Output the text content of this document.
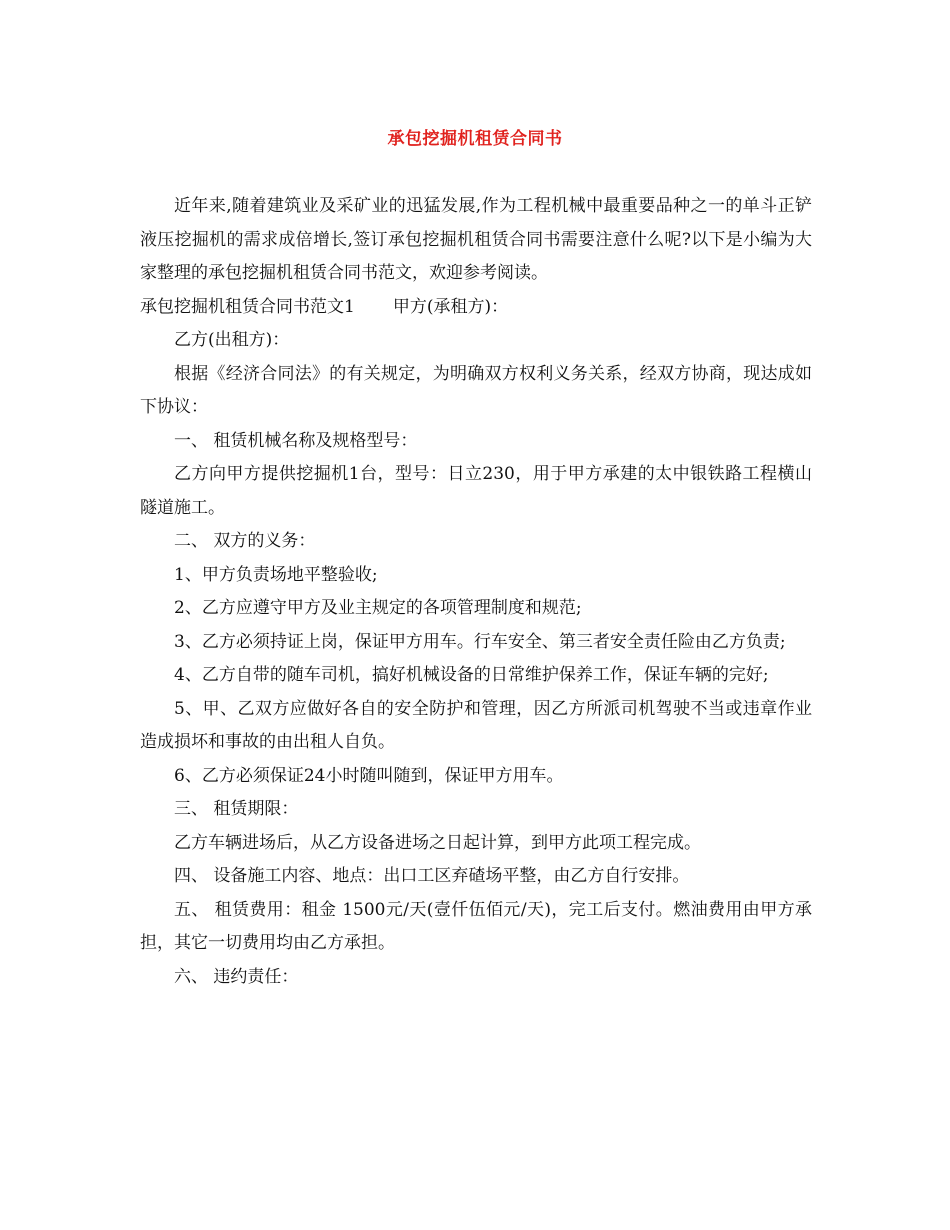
承包挖掘机租赁合同书

近年来,随着建筑业及采矿业的迅猛发展,作为工程机械中最重要品种之一的单斗正铲液压挖掘机的需求成倍增长,签订承包挖掘机租赁合同书需要注意什么呢?以下是小编为大家整理的承包挖掘机租赁合同书范文，欢迎参考阅读。

承包挖掘机租赁合同书范文1 甲方(承租方)：

乙方(出租方)：

根据《经济合同法》的有关规定，为明确双方权利义务关系，经双方协商，现达成如下协议：

一、 租赁机械名称及规格型号：

乙方向甲方提供挖掘机1台，型号：日立230，用于甲方承建的太中银铁路工程横山隧道施工。

二、 双方的义务：

1、甲方负责场地平整验收;

2、乙方应遵守甲方及业主规定的各项管理制度和规范;

3、乙方必须持证上岗，保证甲方用车。行车安全、第三者安全责任险由乙方负责;

4、乙方自带的随车司机，搞好机械设备的日常维护保养工作，保证车辆的完好;

5、甲、乙双方应做好各自的安全防护和管理，因乙方所派司机驾驶不当或违章作业造成损坏和事故的由出租人自负。

6、乙方必须保证24小时随叫随到，保证甲方用车。

三、 租赁期限：

乙方车辆进场后，从乙方设备进场之日起计算，到甲方此项工程完成。

四、 设备施工内容、地点：出口工区弃碴场平整，由乙方自行安排。

五、 租赁费用：租金 1500元/天(壹仟伍佰元/天)，完工后支付。燃油费用由甲方承担，其它一切费用均由乙方承担。

六、 违约责任：
